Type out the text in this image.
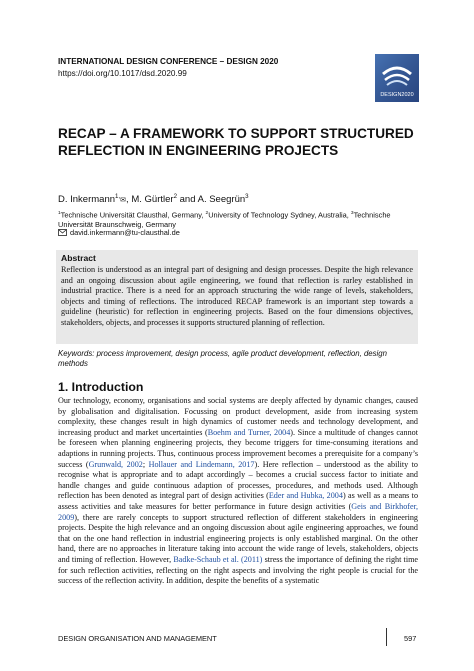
INTERNATIONAL DESIGN CONFERENCE – DESIGN 2020
https://doi.org/10.1017/dsd.2020.99
DESIGN2020
RECAP – A FRAMEWORK TO SUPPORT STRUCTURED REFLECTION IN ENGINEERING PROJECTS
D. Inkermann$^{1,}$✉, M. Gürtler$^2$ and A. Seegrün$^3$
$^1$Technische Universität Clausthal, Germany, $^2$University of Technology Sydney, Australia, $^3$Technische Universität Braunschweig, Germany
david.inkermann@tu-clausthal.de
Abstract
Reflection is understood as an integral part of designing and design processes. Despite the high relevance and an ongoing discussion about agile engineering, we found that reflection is rarley established in industrial practice. There is a need for an approach structuring the wide range of levels, stakeholders, objects and timing of reflections. The introduced RECAP framework is an important step towards a guideline (heuristic) for reflection in engineering projects. Based on the four dimensions objectives, stakeholders, objects, and processes it supports structured planning of reflection.
Keywords: process improvement, design process, agile product development, reflection, design methods
1. Introduction
Our technology, economy, organisations and social systems are deeply affected by dynamic changes, caused by globalisation and digitalisation. Focussing on product development, aside from increasing system complexity, these changes result in high dynamics of customer needs and technology development, and increasing product and market uncertainties (Boehm and Turner, 2004). Since a multitude of changes cannot be foreseen when planning engineering projects, they become triggers for time-consuming iterations and adaptions in running projects. Thus, continuous process improvement becomes a prerequisite for a company’s success (Grunwald, 2002; Hollauer and Lindemann, 2017). Here reflection – understood as the ability to recognise what is appropriate and to adapt accordingly – becomes a crucial success factor to initiate and handle changes and guide continuous adaption of processes, procedures, and methods used. Although reflection has been denoted as integral part of design activities (Eder and Hubka, 2004) as well as a means to assess activities and take measures for better performance in future design activities (Geis and Birkhofer, 2009), there are rarely concepts to support structured reflection of different stakeholders in engineering projects. Despite the high relevance and an ongoing discussion about agile engineering approaches, we found that on the one hand reflection in industrial engineering projects is only established marginal. On the other hand, there are no approaches in literature taking into account the wide range of levels, stakeholders, objects and timing of reflection. However, Badke-Schaub et al. (2011) stress the importance of defining the right time for such reflection activities, reflecting on the right aspects and involving the right people is crucial for the success of the reflection activity. In addition, despite the benefits of a systematic
DESIGN ORGANISATION AND MANAGEMENT	597
